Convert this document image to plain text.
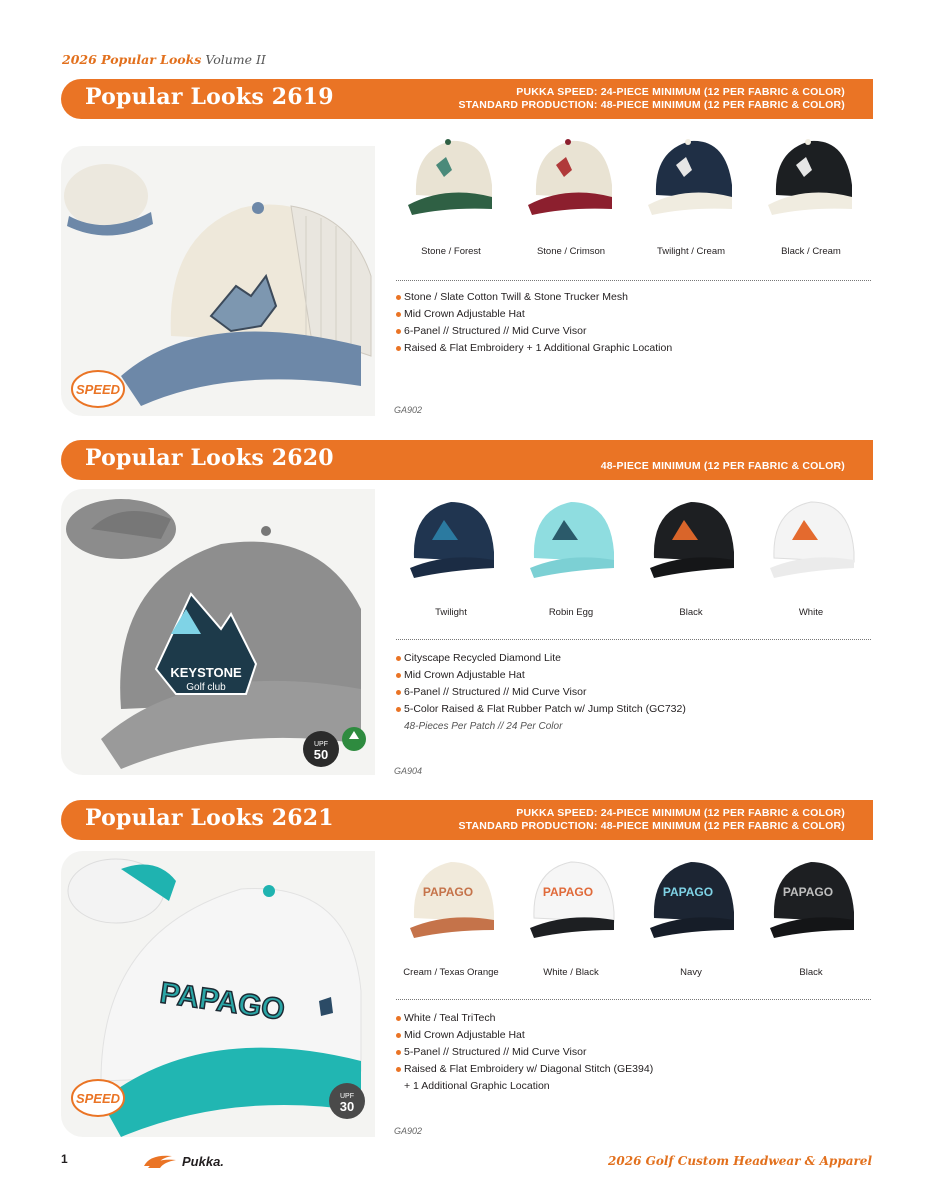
2026 Popular Looks Volume II
Popular Looks 2619	PUKKA SPEED: 24-PIECE MINIMUM (12 PER FABRIC & COLOR)
STANDARD PRODUCTION: 48-PIECE MINIMUM (12 PER FABRIC & COLOR)
SPEED
Stone / Forest	Stone / Crimson	Twilight / Cream	Black / Cream
Stone / Slate Cotton Twill & Stone Trucker Mesh
Mid Crown Adjustable Hat
6-Panel // Structured // Mid Curve Visor
Raised & Flat Embroidery + 1 Additional Graphic Location
GA902
Popular Looks 2620	48-PIECE MINIMUM (12 PER FABRIC & COLOR)
KEYSTONE
Golf club
UPF
50
Twilight	Robin Egg	Black	White
Cityscape Recycled Diamond Lite
Mid Crown Adjustable Hat
6-Panel // Structured // Mid Curve Visor
5-Color Raised & Flat Rubber Patch w/ Jump Stitch (GC732)
48-Pieces Per Patch // 24 Per Color
GA904
Popular Looks 2621	PUKKA SPEED: 24-PIECE MINIMUM (12 PER FABRIC & COLOR)
STANDARD PRODUCTION: 48-PIECE MINIMUM (12 PER FABRIC & COLOR)
PAPAGO
SPEED	UPF
30
PAPAGO
Cream / Texas Orange
PAPAGO
White / Black
PAPAGO
Navy
PAPAGO
Black
White / Teal TriTech
Mid Crown Adjustable Hat
5-Panel // Structured // Mid Curve Visor
Raised & Flat Embroidery w/ Diagonal Stitch (GE394)
+ 1 Additional Graphic Location
GA902
1	Pukka.	2026 Golf Custom Headwear & Apparel
